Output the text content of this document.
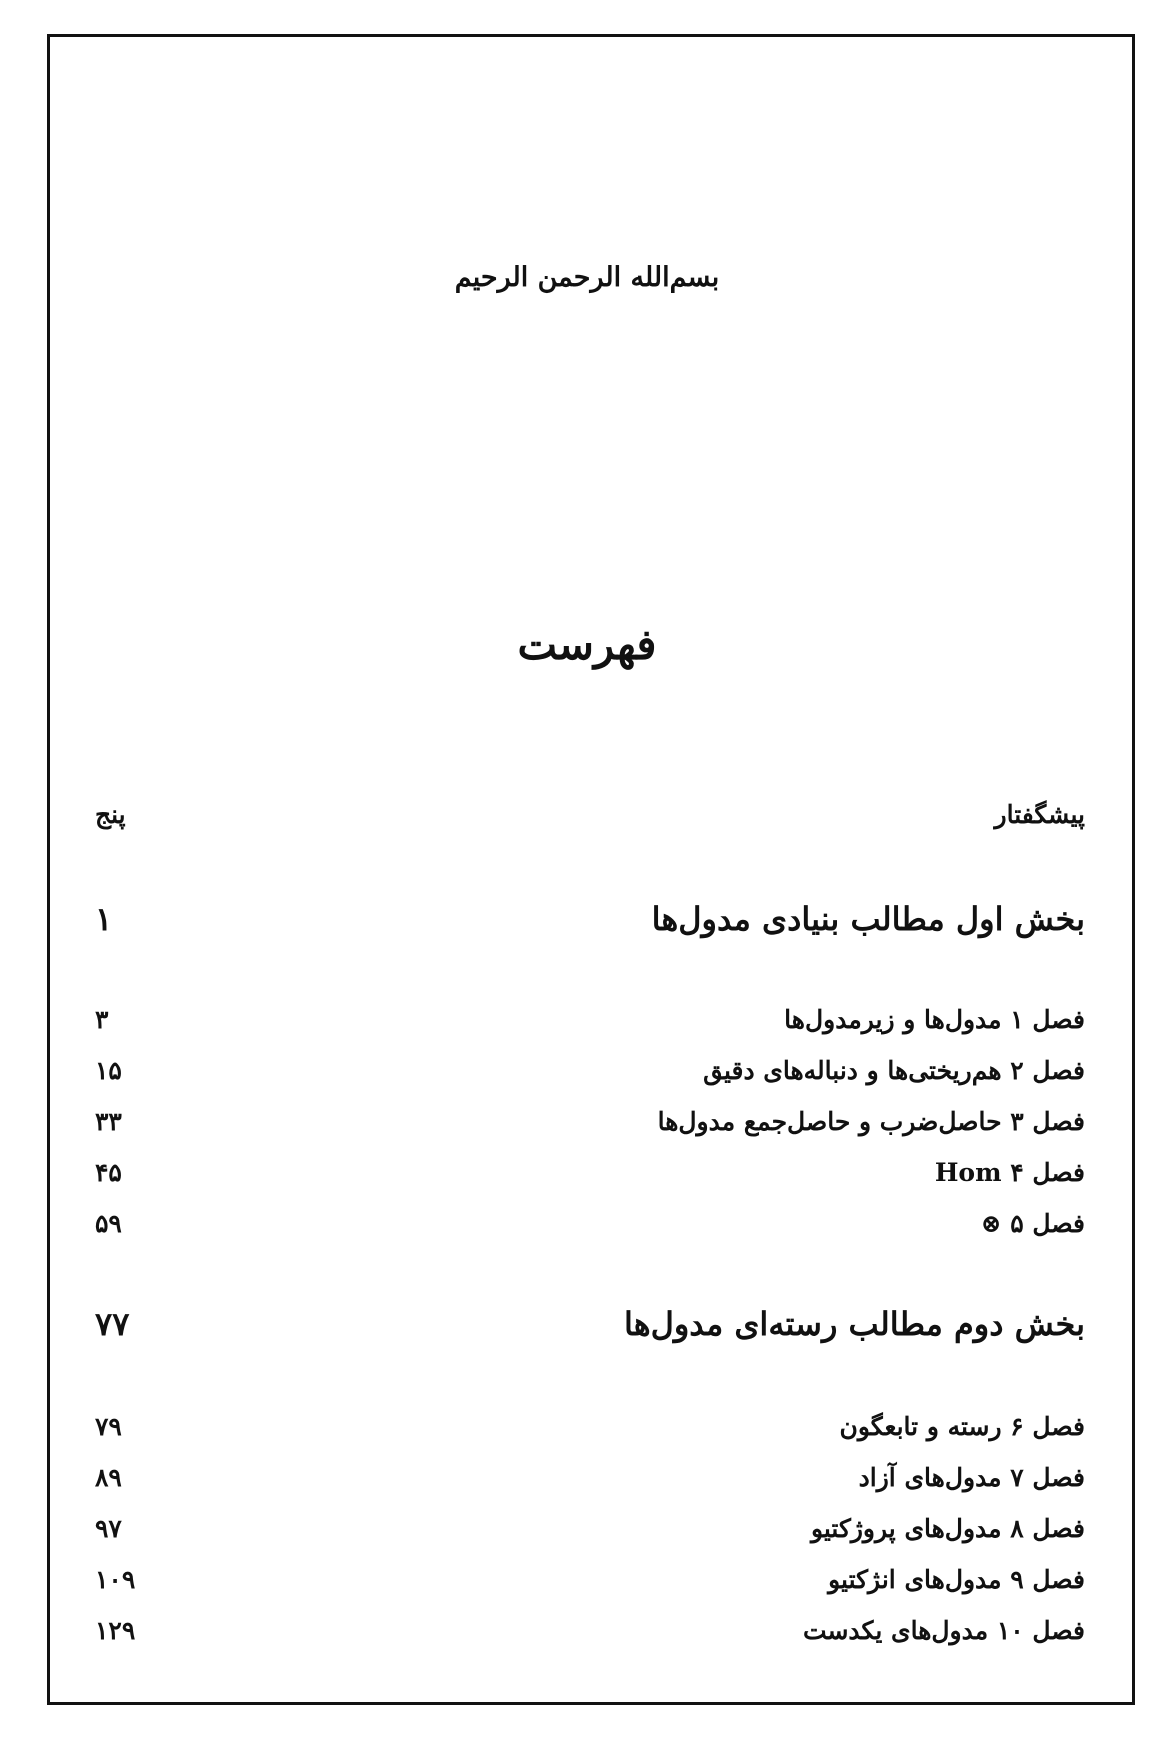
بسم‌الله الرحمن الرحیم
فهرست
پیشگفتار
پنج
بخش اول مطالب بنیادی مدول‌ها
۱
فصل ۱ مدول‌ها و زیرمدول‌ها
۳
فصل ۲ هم‌ریختی‌ها و دنباله‌های دقیق
۱۵
فصل ۳ حاصل‌ضرب و حاصل‌جمع مدول‌ها
۳۳
فصل ۴ Hom
۴۵
فصل ۵ ⊗
۵۹
بخش دوم مطالب رسته‌ای مدول‌ها
۷۷
فصل ۶ رسته و تابعگون
۷۹
فصل ۷ مدول‌های آزاد
۸۹
فصل ۸ مدول‌های پروژکتیو
۹۷
فصل ۹ مدول‌های انژکتیو
۱۰۹
فصل ۱۰ مدول‌های یکدست
۱۲۹
